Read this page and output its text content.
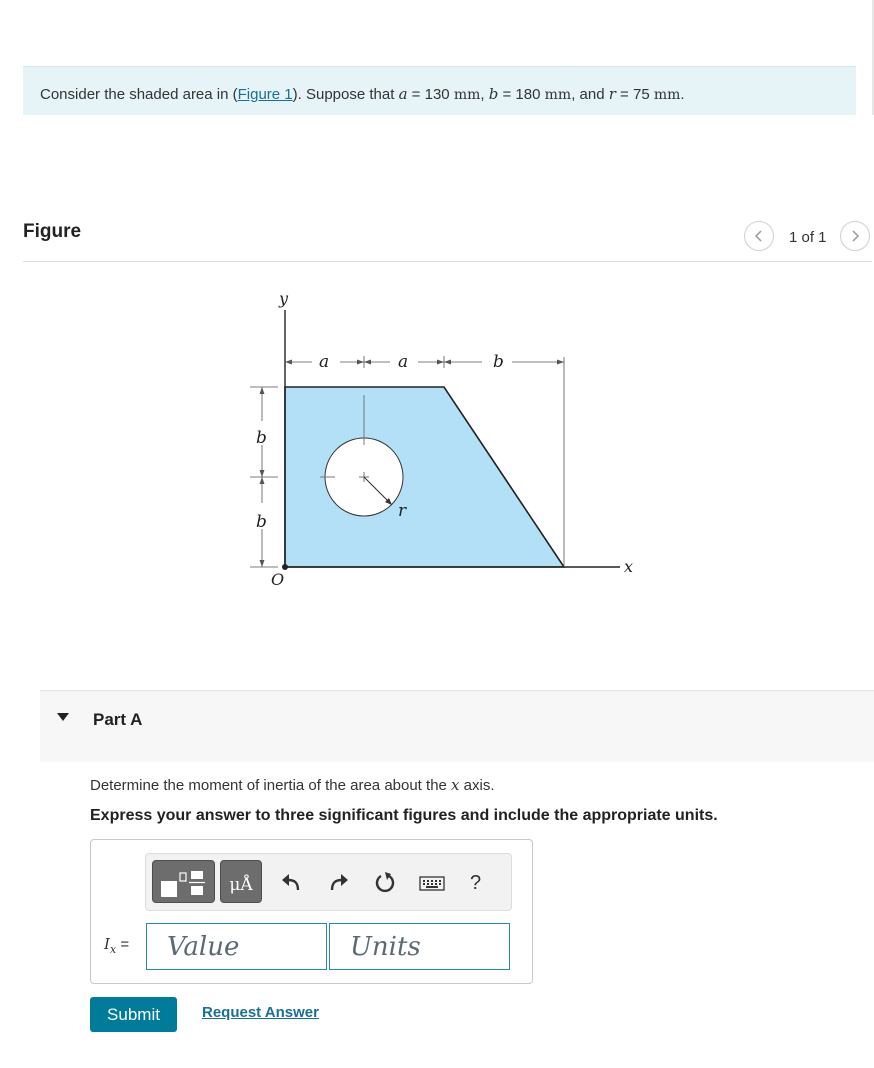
Consider the shaded area in (Figure 1). Suppose that a = 130 mm, b = 180 mm, and r = 75 mm.
Figure	1 of 1
y
x
O
a	a	b
b
b
r
Part A
Determine the moment of inertia of the area about the x axis.
Express your answer to three significant figures and include the appropriate units.
μÅ	?
$I_x$ =	Value	Units
Submit	Request Answer
